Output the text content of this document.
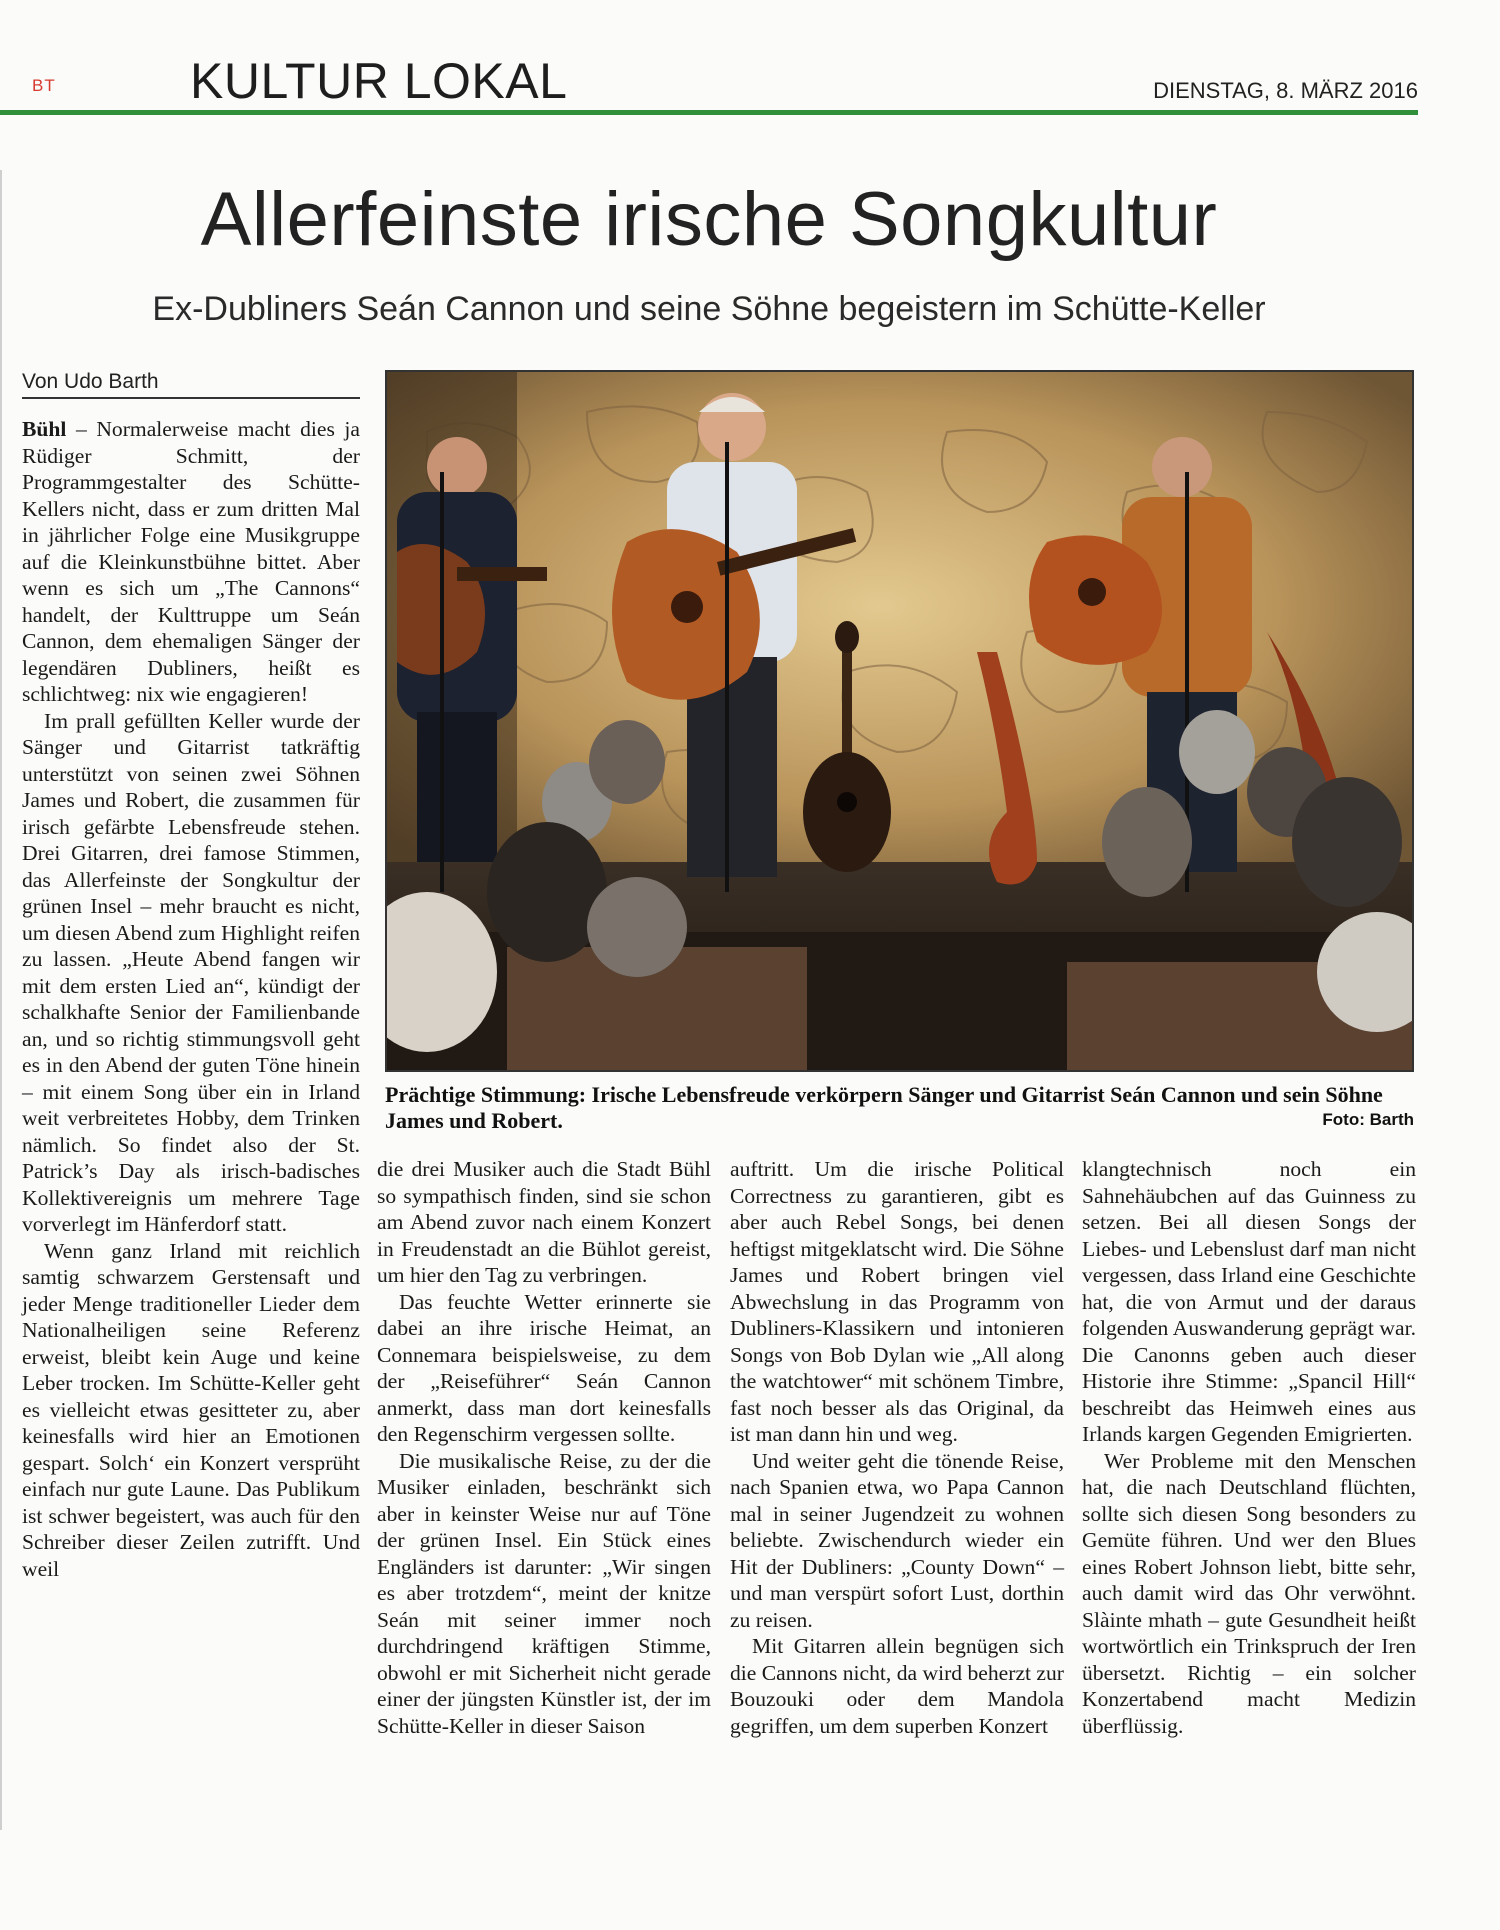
BT	KULTUR LOKAL	DIENSTAG, 8. MÄRZ 2016
Allerfeinste irische Songkultur
Ex-Dubliners Seán Cannon und seine Söhne begeistern im Schütte-Keller
Von Udo Barth
Prächtige Stimmung: Irische Lebensfreude verkörpern Sänger und Gitarrist Seán Cannon und sein Söhne James und Robert.	Foto: Barth

Bühl – Normalerweise macht dies ja Rüdiger Schmitt, der Programmgestalter des Schütte-Kellers nicht, dass er zum dritten Mal in jährlicher Folge eine Musikgruppe auf die Kleinkunstbühne bittet. Aber wenn es sich um „The Cannons“ handelt, der Kulttruppe um Seán Cannon, dem ehemaligen Sänger der legendären Dubliners, heißt es schlichtweg: nix wie engagieren!

Im prall gefüllten Keller wurde der Sänger und Gitarrist tatkräftig unterstützt von seinen zwei Söhnen James und Robert, die zusammen für irisch gefärbte Lebensfreude stehen. Drei Gitarren, drei famose Stimmen, das Allerfeinste der Songkultur der grünen Insel – mehr braucht es nicht, um diesen Abend zum Highlight reifen zu lassen. „Heute Abend fangen wir mit dem ersten Lied an“, kündigt der schalkhafte Senior der Familienbande an, und so richtig stimmungsvoll geht es in den Abend der guten Töne hinein – mit einem Song über ein in Irland weit verbreitetes Hobby, dem Trinken nämlich. So findet also der St. Patrick’s Day als irisch-badisches Kollektivereignis um mehrere Tage vorverlegt im Hänferdorf statt.

Wenn ganz Irland mit reichlich samtig schwarzem Gerstensaft und jeder Menge traditioneller Lieder dem Nationalheiligen seine Referenz erweist, bleibt kein Auge und keine Leber trocken. Im Schütte-Keller geht es vielleicht etwas gesitteter zu, aber keinesfalls wird hier an Emotionen gespart. Solch‘ ein Konzert versprüht einfach nur gute Laune. Das Publikum ist schwer begeistert, was auch für den Schreiber dieser Zeilen zutrifft. Und weil

die drei Musiker auch die Stadt Bühl so sympathisch finden, sind sie schon am Abend zuvor nach einem Konzert in Freudenstadt an die Bühlot gereist, um hier den Tag zu verbringen.

Das feuchte Wetter erinnerte sie dabei an ihre irische Heimat, an Connemara beispielsweise, zu dem der „Reiseführer“ Seán Cannon anmerkt, dass man dort keinesfalls den Regenschirm vergessen sollte.

Die musikalische Reise, zu der die Musiker einladen, beschränkt sich aber in keinster Weise nur auf Töne der grünen Insel. Ein Stück eines Engländers ist darunter: „Wir singen es aber trotzdem“, meint der knitze Seán mit seiner immer noch durchdringend kräftigen Stimme, obwohl er mit Sicherheit nicht gerade einer der jüngsten Künstler ist, der im Schütte-Keller in dieser Saison

auftritt. Um die irische Political Correctness zu garantieren, gibt es aber auch Rebel Songs, bei denen heftigst mitgeklatscht wird. Die Söhne James und Robert bringen viel Abwechslung in das Programm von Dubliners-Klassikern und intonieren Songs von Bob Dylan wie „All along the watchtower“ mit schönem Timbre, fast noch besser als das Original, da ist man dann hin und weg.

Und weiter geht die tönende Reise, nach Spanien etwa, wo Papa Cannon mal in seiner Jugendzeit zu wohnen beliebte. Zwischendurch wieder ein Hit der Dubliners: „County Down“ – und man verspürt sofort Lust, dorthin zu reisen.

Mit Gitarren allein begnügen sich die Cannons nicht, da wird beherzt zur Bouzouki oder dem Mandola gegriffen, um dem superben Konzert

klangtechnisch noch ein Sahnehäubchen auf das Guinness zu setzen. Bei all diesen Songs der Liebes- und Lebenslust darf man nicht vergessen, dass Irland eine Geschichte hat, die von Armut und der daraus folgenden Auswanderung geprägt war. Die Canonns geben auch dieser Historie ihre Stimme: „Spancil Hill“ beschreibt das Heimweh eines aus Irlands kargen Gegenden Emigrierten.

Wer Probleme mit den Menschen hat, die nach Deutschland flüchten, sollte sich diesen Song besonders zu Gemüte führen. Und wer den Blues eines Robert Johnson liebt, bitte sehr, auch damit wird das Ohr verwöhnt. Slàinte mhath – gute Gesundheit heißt wortwörtlich ein Trinkspruch der Iren übersetzt. Richtig – ein solcher Konzertabend macht Medizin überflüssig.
